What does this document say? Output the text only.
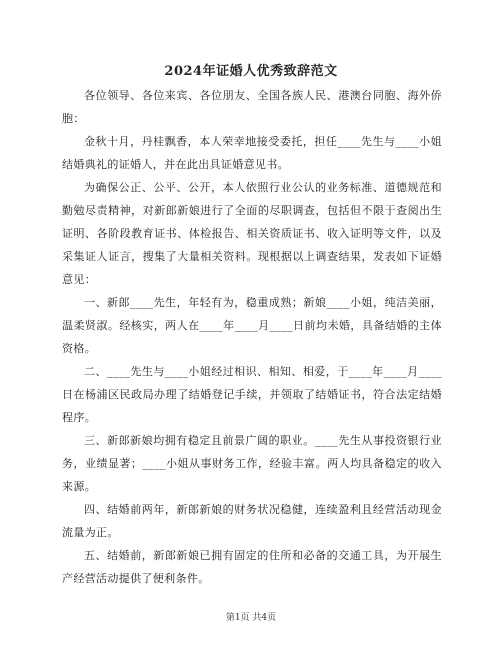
2024年证婚人优秀致辞范文

各位领导、各位来宾、各位朋友、全国各族人民、港澳台同胞、海外侨胞：

金秋十月，丹桂飘香，本人荣幸地接受委托，担任____先生与____小姐结婚典礼的证婚人，并在此出具证婚意见书。

为确保公正、公平、公开，本人依照行业公认的业务标准、道德规范和勤勉尽责精神，对新郎新娘进行了全面的尽职调查，包括但不限于查阅出生证明、各阶段教育证书、体检报告、相关资质证书、收入证明等文件，以及采集证人证言，搜集了大量相关资料。现根据以上调查结果，发表如下证婚意见：

一、新郎____先生，年轻有为，稳重成熟；新娘____小姐，纯洁美丽，温柔贤淑。经核实，两人在____年____月____日前均未婚，具备结婚的主体资格。

二、____先生与____小姐经过相识、相知、相爱，于____年____月____日在杨浦区民政局办理了结婚登记手续，并领取了结婚证书，符合法定结婚程序。

三、新郎新娘均拥有稳定且前景广阔的职业。____先生从事投资银行业务，业绩显著；____小姐从事财务工作，经验丰富。两人均具备稳定的收入来源。

四、结婚前两年，新郎新娘的财务状况稳健，连续盈利且经营活动现金流量为正。

五、结婚前，新郎新娘已拥有固定的住所和必备的交通工具，为开展生产经营活动提供了便利条件。

第1页 共4页
